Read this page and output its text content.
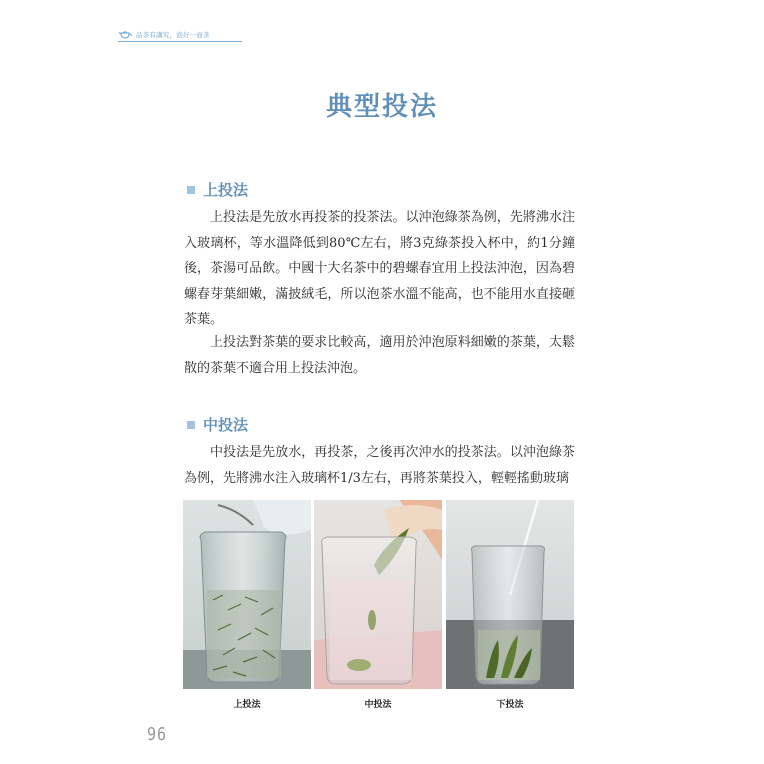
品茶有講究，泡好一壺茶
典型投法
上投法

上投法是先放水再投茶的投茶法。以沖泡綠茶為例，先將沸水注入玻璃杯，等水溫降低到80℃左右，將3克綠茶投入杯中，約1分鐘後，茶湯可品飲。中國十大名茶中的碧螺春宜用上投法沖泡，因為碧螺春芽葉細嫩，滿披絨毛，所以泡茶水溫不能高，也不能用水直接砸茶葉。

上投法對茶葉的要求比較高，適用於沖泡原料細嫩的茶葉，太鬆散的茶葉不適合用上投法沖泡。

中投法

中投法是先放水，再投茶，之後再次沖水的投茶法。以沖泡綠茶為例，先將沸水注入玻璃杯1/3左右，再將茶葉投入，輕輕搖動玻璃

上投法	中投法	下投法
96
